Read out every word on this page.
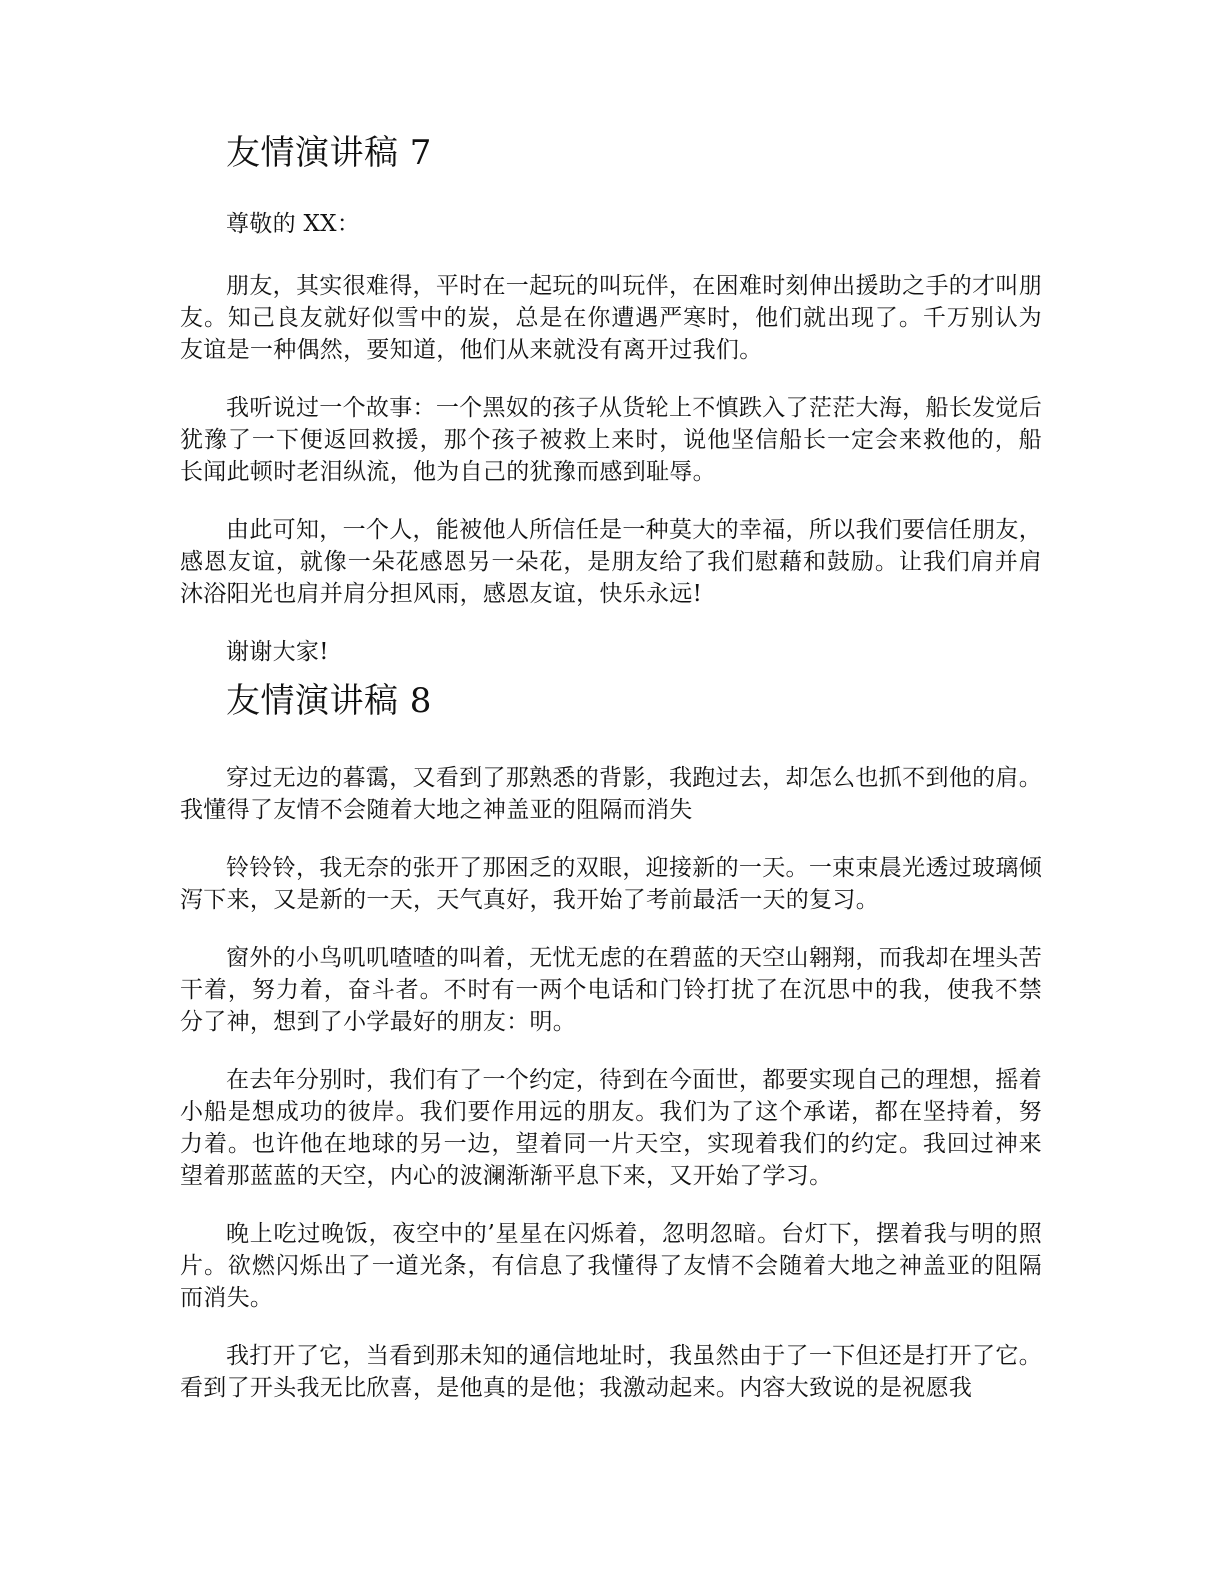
友情演讲稿 7

尊敬的 XX：

朋友，其实很难得，平时在一起玩的叫玩伴，在困难时刻伸出援助之手的才叫朋友。知己良友就好似雪中的炭，总是在你遭遇严寒时，他们就出现了。千万别认为友谊是一种偶然，要知道，他们从来就没有离开过我们。

我听说过一个故事：一个黑奴的孩子从货轮上不慎跌入了茫茫大海，船长发觉后犹豫了一下便返回救援，那个孩子被救上来时，说他坚信船长一定会来救他的，船长闻此顿时老泪纵流，他为自己的犹豫而感到耻辱。

由此可知，一个人，能被他人所信任是一种莫大的幸福，所以我们要信任朋友，感恩友谊，就像一朵花感恩另一朵花，是朋友给了我们慰藉和鼓励。让我们肩并肩沐浴阳光也肩并肩分担风雨，感恩友谊，快乐永远!

谢谢大家!

友情演讲稿 8

穿过无边的暮霭，又看到了那熟悉的背影，我跑过去，却怎么也抓不到他的肩。我懂得了友情不会随着大地之神盖亚的阻隔而消失

铃铃铃，我无奈的张开了那困乏的双眼，迎接新的一天。一束束晨光透过玻璃倾泻下来，又是新的一天，天气真好，我开始了考前最活一天的复习。

窗外的小鸟叽叽喳喳的叫着，无忧无虑的在碧蓝的天空山翱翔，而我却在埋头苦干着，努力着，奋斗者。不时有一两个电话和门铃打扰了在沉思中的我，使我不禁分了神，想到了小学最好的朋友：明。

在去年分别时，我们有了一个约定，待到在今面世，都要实现自己的理想，摇着小船是想成功的彼岸。我们要作用远的朋友。我们为了这个承诺，都在坚持着，努力着。也许他在地球的另一边，望着同一片天空，实现着我们的约定。我回过神来望着那蓝蓝的天空，内心的波澜渐渐平息下来，又开始了学习。

晚上吃过晚饭，夜空中的’星星在闪烁着，忽明忽暗。台灯下，摆着我与明的照片。欲燃闪烁出了一道光条，有信息了我懂得了友情不会随着大地之神盖亚的阻隔而消失。

我打开了它，当看到那未知的通信地址时，我虽然由于了一下但还是打开了它。看到了开头我无比欣喜，是他真的是他；我激动起来。内容大致说的是祝愿我
